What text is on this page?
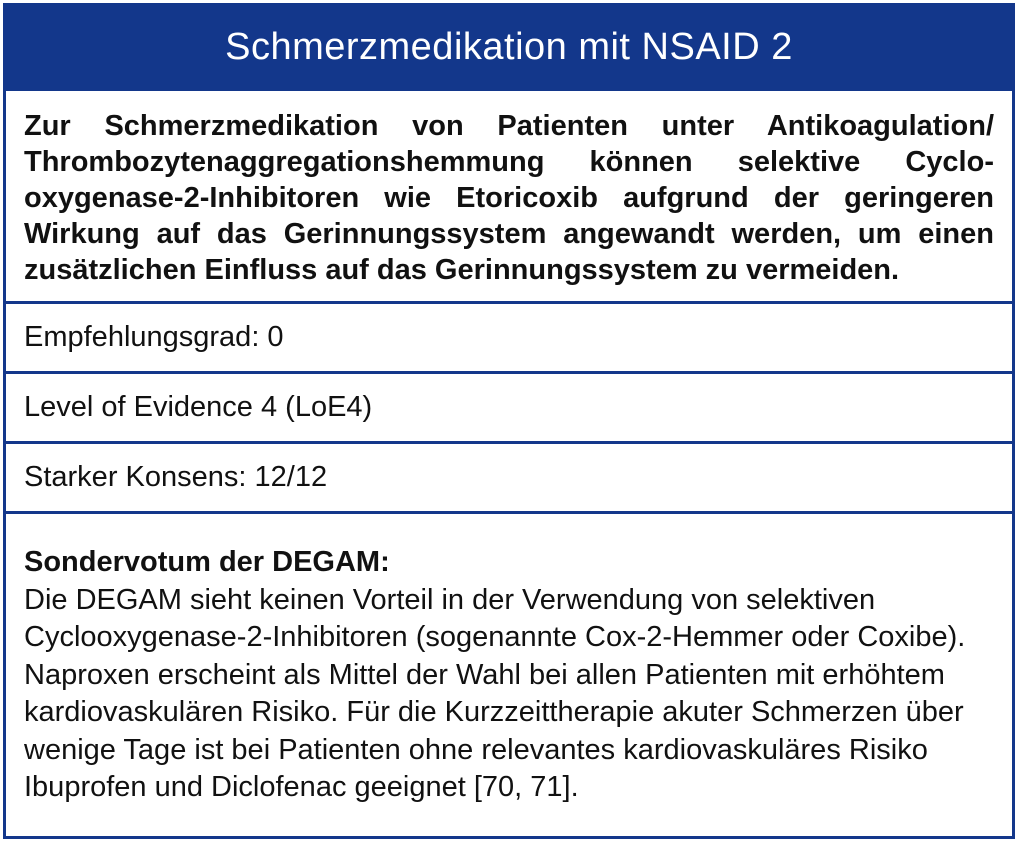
Schmerzmedikation mit NSAID 2

Zur Schmerzmedikation von Patienten unter Antikoagulation/ Thrombozytenaggregationshemmung können selektive Cyclooxygenase-2-Inhibitoren wie Etoricoxib aufgrund der geringeren Wirkung auf das Gerinnungssystem angewandt werden, um einen zusätzlichen Einfluss auf das Gerinnungssystem zu vermeiden.

Empfehlungsgrad: 0
Level of Evidence 4 (LoE4)
Starker Konsens: 12/12
Sondervotum der DEGAM:
Die DEGAM sieht keinen Vorteil in der Verwendung von selektiven Cyclooxygenase-2-Inhibitoren (sogenannte Cox-2-Hemmer oder Coxibe). Naproxen erscheint als Mittel der Wahl bei allen Patienten mit erhöhtem kardiovaskulären Risiko. Für die Kurzzeittherapie akuter Schmerzen über wenige Tage ist bei Patienten ohne relevantes kardiovaskuläres Risiko Ibuprofen und Diclofenac geeignet [70, 71].
